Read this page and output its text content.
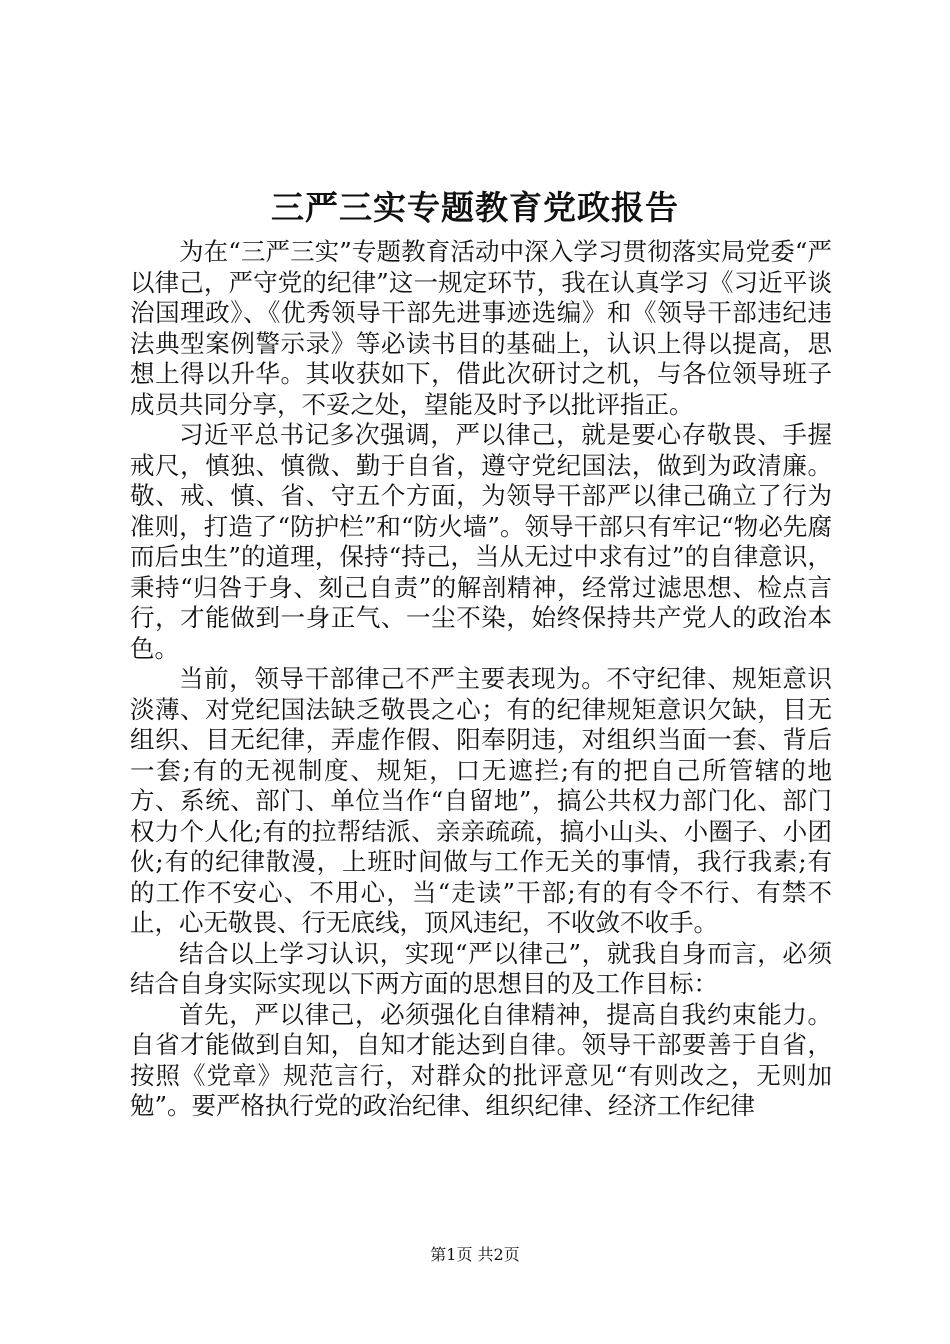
三严三实专题教育党政报告

为在“三严三实”专题教育活动中深入学习贯彻落实局党委“严以律己，严守党的纪律”这一规定环节，我在认真学习《习近平谈治国理政》、《优秀领导干部先进事迹选编》和《领导干部违纪违法典型案例警示录》等必读书目的基础上，认识上得以提高，思想上得以升华。其收获如下，借此次研讨之机，与各位领导班子成员共同分享，不妥之处，望能及时予以批评指正。

习近平总书记多次强调，严以律己，就是要心存敬畏、手握戒尺，慎独、慎微、勤于自省，遵守党纪国法，做到为政清廉。敬、戒、慎、省、守五个方面，为领导干部严以律己确立了行为准则，打造了“防护栏”和“防火墙”。领导干部只有牢记“物必先腐而后虫生”的道理，保持“持己，当从无过中求有过”的自律意识，秉持“归咎于身、刻己自责”的解剖精神，经常过滤思想、检点言行，才能做到一身正气、一尘不染，始终保持共产党人的政治本色。

当前，领导干部律己不严主要表现为。不守纪律、规矩意识淡薄、对党纪国法缺乏敬畏之心；有的纪律规矩意识欠缺，目无组织、目无纪律，弄虚作假、阳奉阴违，对组织当面一套、背后一套;有的无视制度、规矩，口无遮拦;有的把自己所管辖的地方、系统、部门、单位当作“自留地”，搞公共权力部门化、部门权力个人化;有的拉帮结派、亲亲疏疏，搞小山头、小圈子、小团伙;有的纪律散漫，上班时间做与工作无关的事情，我行我素;有的工作不安心、不用心，当“走读”干部;有的有令不行、有禁不止，心无敬畏、行无底线，顶风违纪，不收敛不收手。

结合以上学习认识，实现“严以律己”，就我自身而言，必须结合自身实际实现以下两方面的思想目的及工作目标：

首先，严以律己，必须强化自律精神，提高自我约束能力。自省才能做到自知，自知才能达到自律。领导干部要善于自省，按照《党章》规范言行，对群众的批评意见“有则改之，无则加勉”。要严格执行党的政治纪律、组织纪律、经济工作纪律

第1页 共2页
